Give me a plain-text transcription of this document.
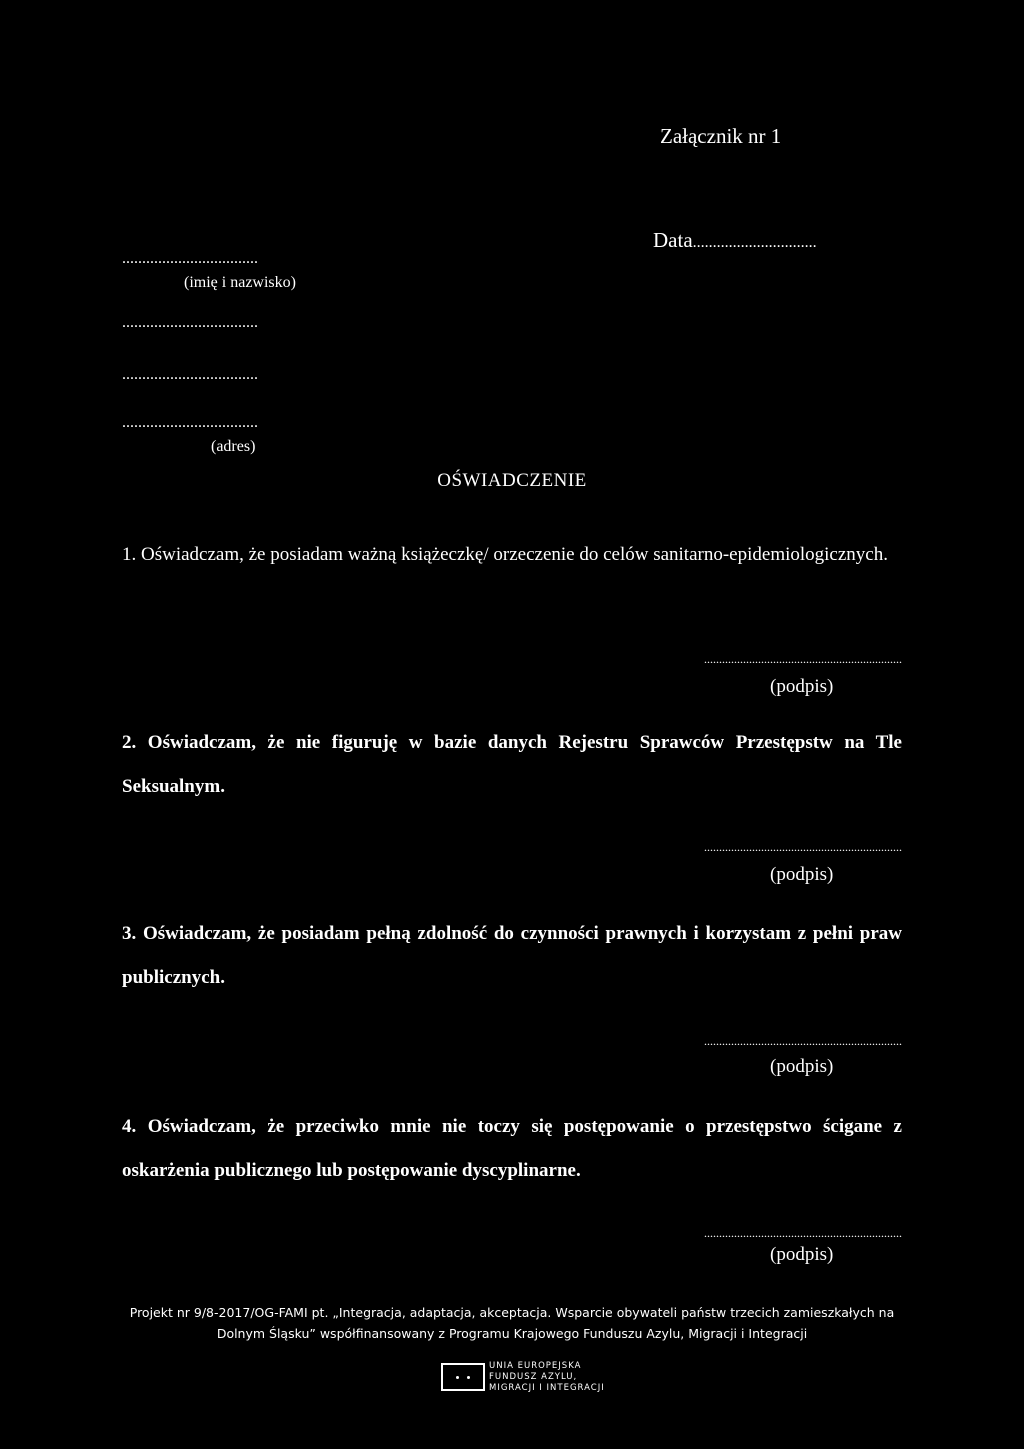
Załącznik nr 1
Data...............................
..................................
(imię i nazwisko)
..................................
..................................
..................................
(adres)
OŚWIADCZENIE
1. Oświadczam, że posiadam ważną książeczkę/ orzeczenie do celów sanitarno-epidemiologicznych.
..................................................................
(podpis)
2. Oświadczam, że nie figuruję w bazie danych Rejestru Sprawców Przestępstw na Tle Seksualnym.
..................................................................
(podpis)
3. Oświadczam, że posiadam pełną zdolność do czynności prawnych i korzystam z pełni praw publicznych.
..................................................................
(podpis)
4. Oświadczam, że przeciwko mnie nie toczy się postępowanie o przestępstwo ścigane z oskarżenia publicznego lub postępowanie dyscyplinarne.
..................................................................
(podpis)
Projekt nr 9/8-2017/OG-FAMI pt. „Integracja, adaptacja, akceptacja. Wsparcie obywateli państw trzecich zamieszkałych na
Dolnym Śląsku” współfinansowany z Programu Krajowego Funduszu Azylu, Migracji i Integracji
UNIA EUROPEJSKA
FUNDUSZ AZYLU,
MIGRACJI I INTEGRACJI
